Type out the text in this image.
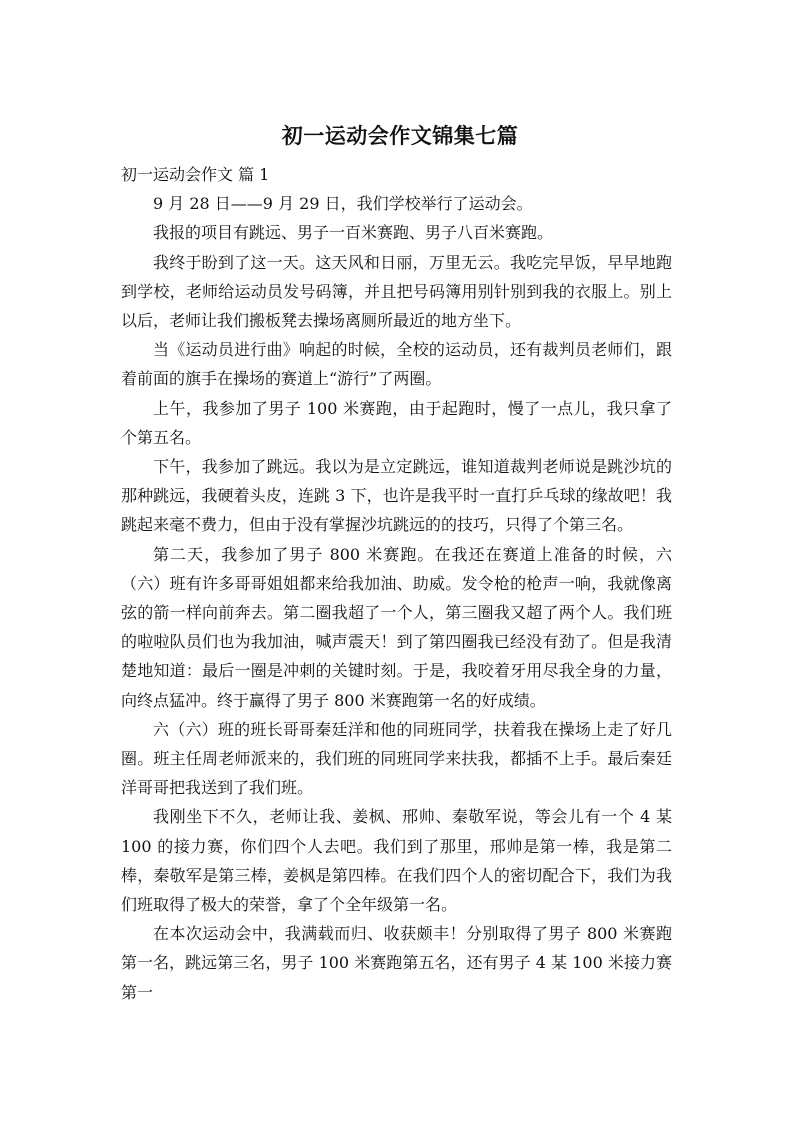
初一运动会作文锦集七篇

初一运动会作文 篇 1

9 月 28 日——9 月 29 日，我们学校举行了运动会。

我报的项目有跳远、男子一百米赛跑、男子八百米赛跑。

我终于盼到了这一天。这天风和日丽，万里无云。我吃完早饭，早早地跑到学校，老师给运动员发号码簿，并且把号码簿用别针别到我的衣服上。别上以后，老师让我们搬板凳去操场离厕所最近的地方坐下。

当《运动员进行曲》响起的时候，全校的运动员，还有裁判员老师们，跟着前面的旗手在操场的赛道上“游行”了两圈。

上午，我参加了男子 100 米赛跑，由于起跑时，慢了一点儿，我只拿了个第五名。

下午，我参加了跳远。我以为是立定跳远，谁知道裁判老师说是跳沙坑的那种跳远，我硬着头皮，连跳 3 下，也许是我平时一直打乒乓球的缘故吧！我跳起来毫不费力，但由于没有掌握沙坑跳远的的技巧，只得了个第三名。

第二天，我参加了男子 800 米赛跑。在我还在赛道上准备的时候，六（六）班有许多哥哥姐姐都来给我加油、助威。发令枪的枪声一响，我就像离弦的箭一样向前奔去。第二圈我超了一个人，第三圈我又超了两个人。我们班的啦啦队员们也为我加油，喊声震天！到了第四圈我已经没有劲了。但是我清楚地知道：最后一圈是冲刺的关键时刻。于是，我咬着牙用尽我全身的力量，向终点猛冲。终于赢得了男子 800 米赛跑第一名的好成绩。

六（六）班的班长哥哥秦廷洋和他的同班同学，扶着我在操场上走了好几圈。班主任周老师派来的，我们班的同班同学来扶我，都插不上手。最后秦廷洋哥哥把我送到了我们班。

我刚坐下不久，老师让我、姜枫、邢帅、秦敬军说，等会儿有一个 4 某 100 的接力赛，你们四个人去吧。我们到了那里，邢帅是第一棒，我是第二棒，秦敬军是第三棒，姜枫是第四棒。在我们四个人的密切配合下，我们为我们班取得了极大的荣誉，拿了个全年级第一名。

在本次运动会中，我满载而归、收获颇丰！分别取得了男子 800 米赛跑第一名，跳远第三名，男子 100 米赛跑第五名，还有男子 4 某 100 米接力赛第一
